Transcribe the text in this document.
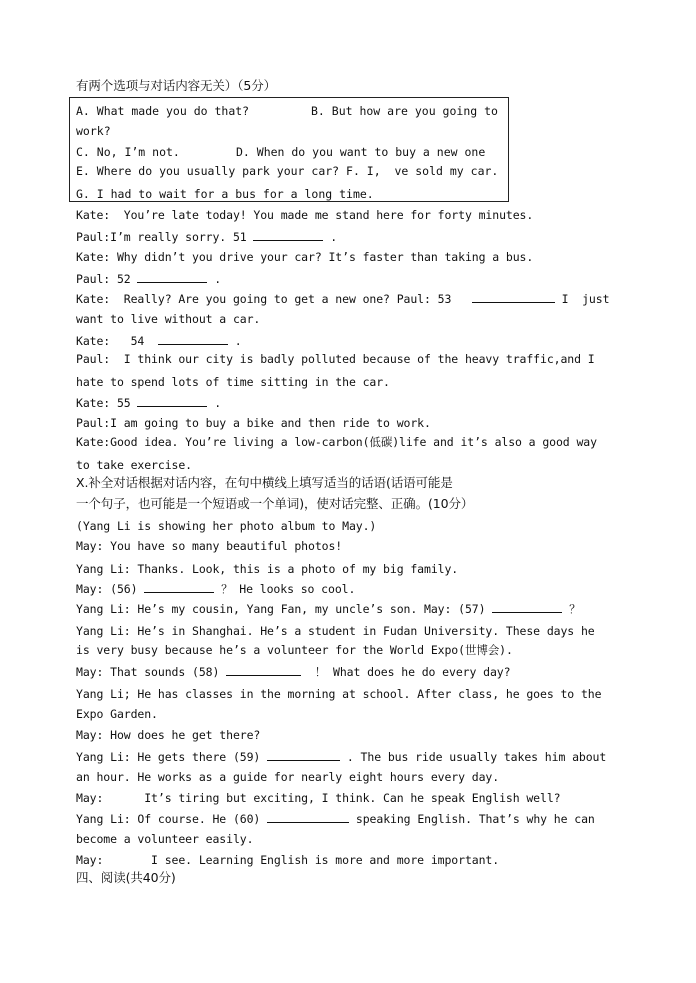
有两个选项与对话内容无关）（5分）
A. What made you do that?	B. But how are you going to
work?
C. No, I’m not.	D. When do you want to buy a new one
E. Where do you usually park your car? F. I,  ve sold my car.
G. I had to wait for a bus for a long time.
Kate:  You’re late today! You made me stand here for forty minutes.
Paul:I’m really sorry. 51	.
Kate: Why didn’t you drive your car? It’s faster than taking a bus.
Paul: 52	.
Kate:  Really? Are you going to get a new one? Paul: 53	I  just
want to live without a car.
Kate:   54	.
Paul:  I think our city is badly polluted because of the heavy traffic,and I
hate to spend lots of time sitting in the car.
Kate: 55	.
Paul:I am going to buy a bike and then ride to work.
Kate:Good idea. You’re living a low-carbon(低碳)life and it’s also a good way
to take exercise.
X.补全对话根据对话内容，在句中横线上填写适当的话语(话语可能是
一个句子，也可能是一个短语或一个单词)，使对话完整、正确。(10分）
(Yang Li is showing her photo album to May.)
May: You have so many beautiful photos!
Yang Li: Thanks. Look, this is a photo of my big family.
May: (56)	？ He looks so cool.
Yang Li: He’s my cousin, Yang Fan, my uncle’s son. May: (57)	？
Yang Li: He’s in Shanghai. He’s a student in Fudan University. These days he
is very busy because he’s a volunteer for the World Expo(世博会).
May: That sounds (58)	！ What does he do every day?
Yang Li; He has classes in the morning at school. After class, he goes to the
Expo Garden.
May: How does he get there?
Yang Li: He gets there (59)	. The bus ride usually takes him about
an hour. He works as a guide for nearly eight hours every day.
May:      It’s tiring but exciting, I think. Can he speak English well?
Yang Li: Of course. He (60)	speaking English. That’s why he can
become a volunteer easily.
May:       I see. Learning English is more and more important.
四、阅读(共40分)
